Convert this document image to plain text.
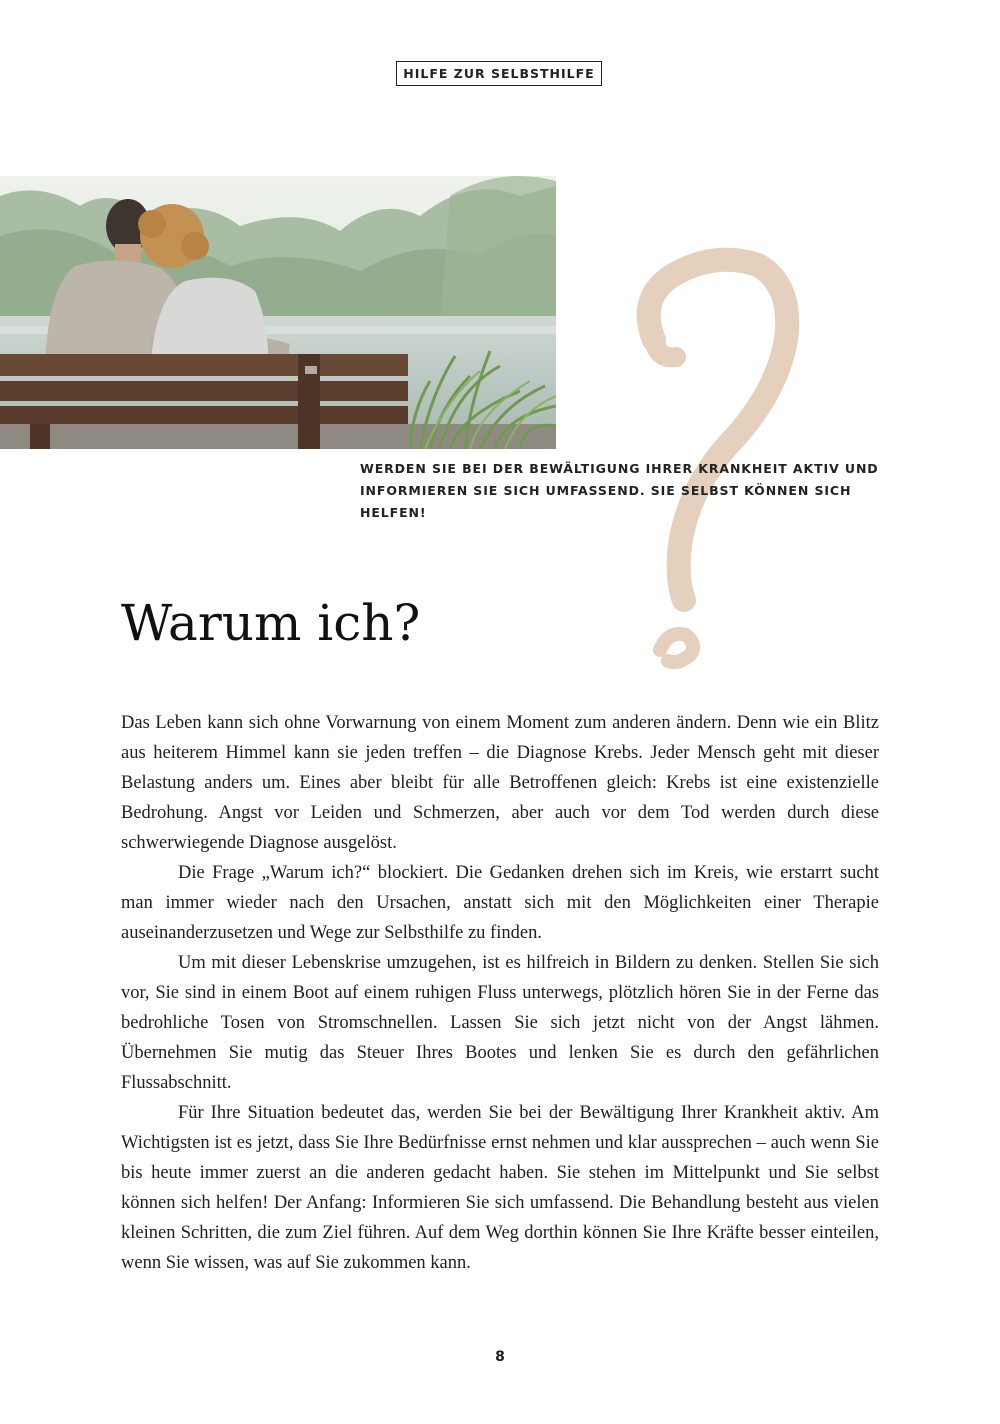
HILFE ZUR SELBSTHILFE
WERDEN SIE BEI DER BEWÄLTIGUNG IHRER KRANKHEIT AKTIV UND
INFORMIEREN SIE SICH UMFASSEND. SIE SELBST KÖNNEN SICH HELFEN!
Warum ich?

Das Leben kann sich ohne Vorwarnung von einem Moment zum anderen ändern. Denn wie ein Blitz aus heiterem Himmel kann sie jeden treffen – die Diagnose Krebs. Jeder Mensch geht mit dieser Belastung anders um. Eines aber bleibt für alle Betroffenen gleich: Krebs ist eine existenzielle Bedrohung. Angst vor Leiden und Schmerzen, aber auch vor dem Tod werden durch diese schwerwiegende Diagnose ausgelöst.

Die Frage „Warum ich?“ blockiert. Die Gedanken drehen sich im Kreis, wie erstarrt sucht man immer wieder nach den Ursachen, anstatt sich mit den Möglichkeiten einer Therapie auseinanderzusetzen und Wege zur Selbsthilfe zu finden.

Um mit dieser Lebenskrise umzugehen, ist es hilfreich in Bildern zu denken. Stellen Sie sich vor, Sie sind in einem Boot auf einem ruhigen Fluss unterwegs, plötzlich hören Sie in der Ferne das bedrohliche Tosen von Stromschnellen. Lassen Sie sich jetzt nicht von der Angst lähmen. Übernehmen Sie mutig das Steuer Ihres Bootes und lenken Sie es durch den gefährlichen Flussabschnitt.

Für Ihre Situation bedeutet das, werden Sie bei der Bewältigung Ihrer Krankheit aktiv. Am Wichtigsten ist es jetzt, dass Sie Ihre Bedürfnisse ernst nehmen und klar aussprechen – auch wenn Sie bis heute immer zuerst an die anderen gedacht haben. Sie stehen im Mittelpunkt und Sie selbst können sich helfen! Der Anfang: Informieren Sie sich umfassend. Die Behandlung besteht aus vielen kleinen Schritten, die zum Ziel führen. Auf dem Weg dorthin können Sie Ihre Kräfte besser einteilen, wenn Sie wissen, was auf Sie zukommen kann.

8
